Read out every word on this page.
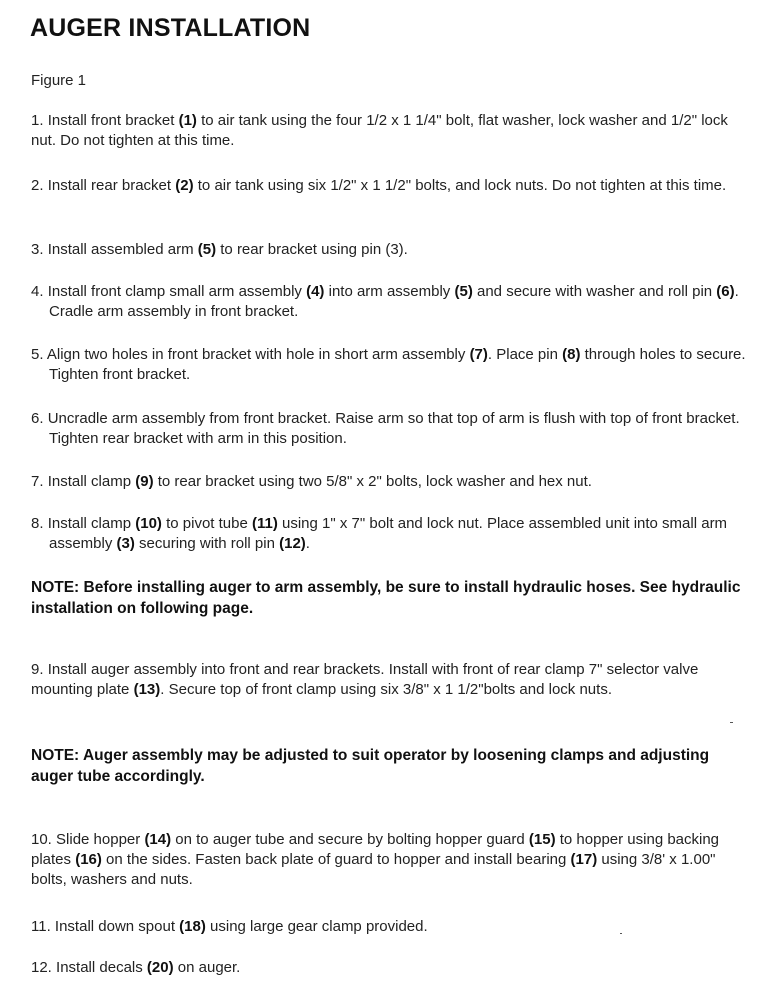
AUGER INSTALLATION
Figure 1
1. Install front bracket (1) to air tank using the four 1/2 x 1 1/4" bolt, flat washer, lock washer and 1/2" lock nut. Do not tighten at this time.
2. Install rear bracket (2) to air tank using six 1/2" x 1 1/2" bolts, and lock nuts. Do not tighten at this time.
3. Install assembled arm (5) to rear bracket using pin (3).
4. Install front clamp small arm assembly (4) into arm assembly (5) and secure with washer and roll pin (6). Cradle arm assembly in front bracket.
5. Align two holes in front bracket with hole in short arm assembly (7). Place pin (8) through holes to secure. Tighten front bracket.
6. Uncradle arm assembly from front bracket. Raise arm so that top of arm is flush with top of front bracket. Tighten rear bracket with arm in this position.
7. Install clamp (9) to rear bracket using two 5/8" x 2" bolts, lock washer and hex nut.
8. Install clamp (10) to pivot tube (11) using 1" x 7" bolt and lock nut. Place assembled unit into small arm assembly (3) securing with roll pin (12).
NOTE: Before installing auger to arm assembly, be sure to install hydraulic hoses. See hydraulic installation on following page.
9. Install auger assembly into front and rear brackets. Install with front of rear clamp 7" selector valve mounting plate (13). Secure top of front clamp using six 3/8" x 1 1/2"bolts and lock nuts.
NOTE: Auger assembly may be adjusted to suit operator by loosening clamps and adjusting auger tube accordingly.
10. Slide hopper (14) on to auger tube and secure by bolting hopper guard (15) to hopper using backing plates (16) on the sides. Fasten back plate of guard to hopper and install bearing (17) using 3/8' x 1.00" bolts, washers and nuts.
11. Install down spout (18) using large gear clamp provided.
12. Install decals (20) on auger.
